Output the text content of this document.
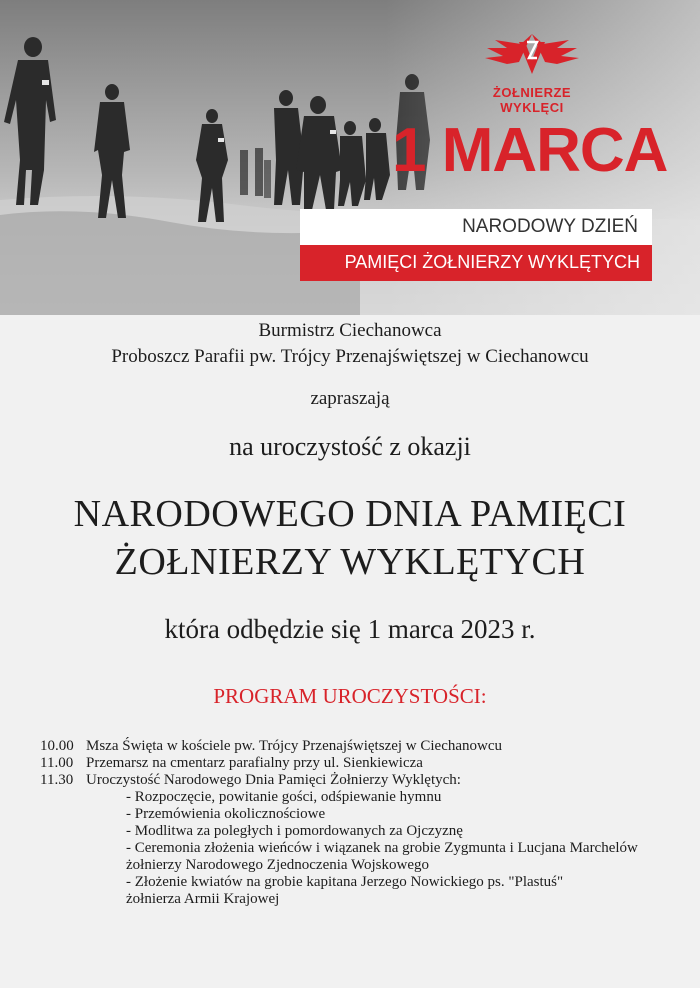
ŻOŁNIERZE
WYKLĘCI
1 MARCA
NARODOWY DZIEŃ
PAMIĘCI ŻOŁNIERZY WYKLĘTYCH
Burmistrz Ciechanowca
Proboszcz Parafii pw. Trójcy Przenajświętszej w Ciechanowcu
zapraszają
na uroczystość z okazji
NARODOWEGO DNIA PAMIĘCI
ŻOŁNIERZY WYKLĘTYCH
która odbędzie się 1 marca 2023 r.
PROGRAM UROCZYSTOŚCI:
10.00 Msza Święta w kościele pw. Trójcy Przenajświętszej w Ciechanowcu
11.00 Przemarsz na cmentarz parafialny przy ul. Sienkiewicza
11.30 Uroczystość Narodowego Dnia Pamięci Żołnierzy Wyklętych:
- Rozpoczęcie, powitanie gości, odśpiewanie hymnu
- Przemówienia okolicznościowe
- Modlitwa za poległych i pomordowanych za Ojczyznę
- Ceremonia złożenia wieńców i wiązanek na grobie Zygmunta i Lucjana Marchelów
żołnierzy Narodowego Zjednoczenia Wojskowego
- Złożenie kwiatów na grobie kapitana Jerzego Nowickiego ps. "Plastuś"
żołnierza Armii Krajowej
